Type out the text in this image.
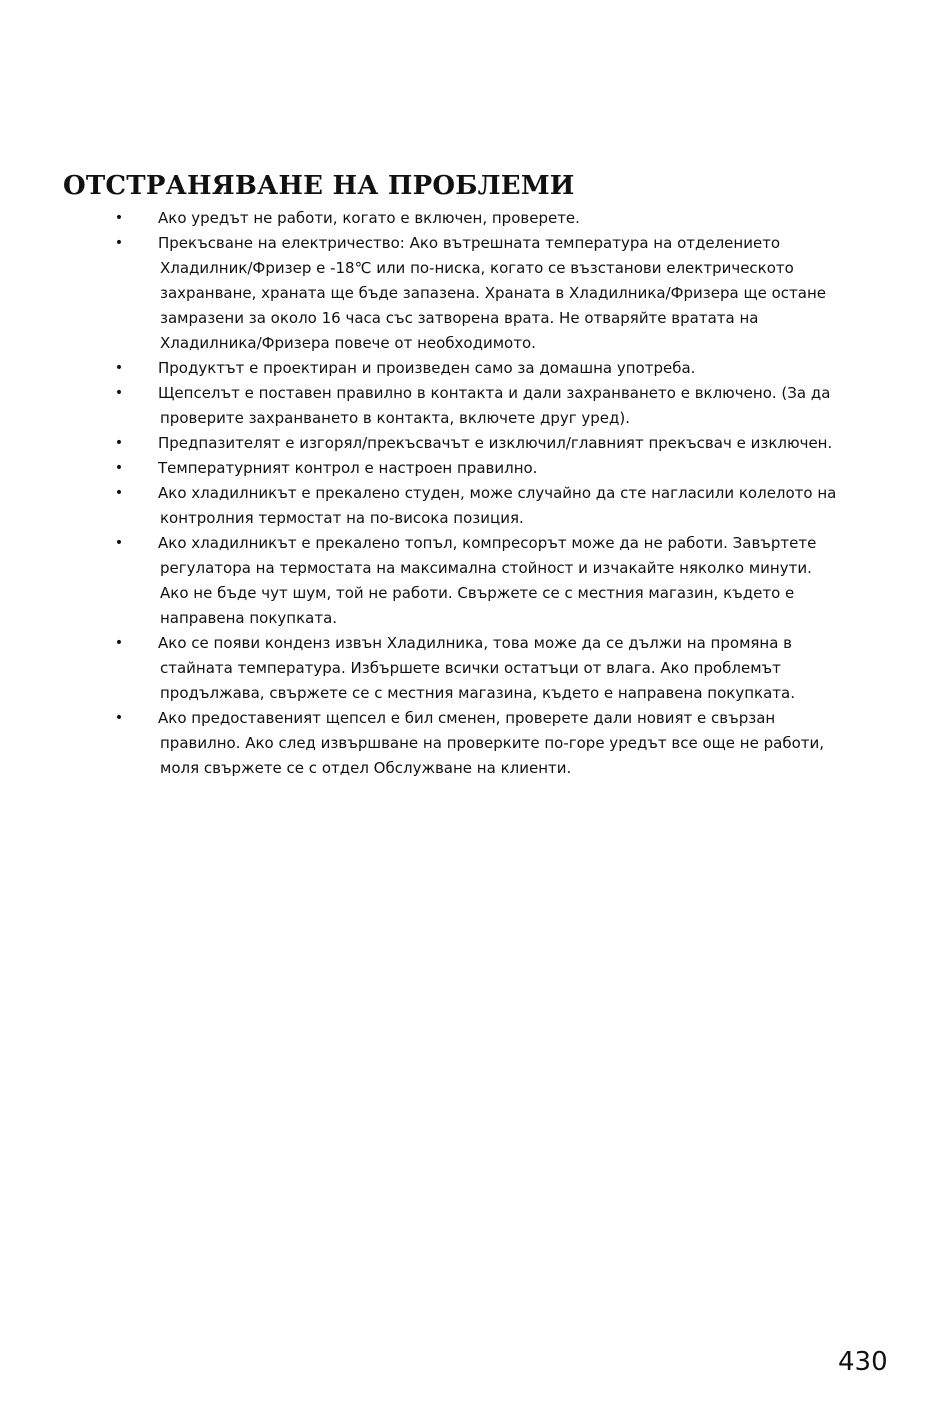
ОТСТРАНЯВАНЕ НА ПРОБЛЕМИ
•	Ако уредът не работи, когато е включен, проверете.
•	Прекъсване на електричество: Ако вътрешната температура на отделението
Хладилник/Фризер е -18℃ или по-ниска, когато се възстанови електрическото
захранване, храната ще бъде запазена. Храната в Хладилника/Фризера ще остане
замразени за около 16 часа със затворена врата. Не отваряйте вратата на
Хладилника/Фризера повече от необходимото.
•	Продуктът е проектиран и произведен само за домашна употреба.
•	Щепселът е поставен правилно в контакта и дали захранването е включено. (За да
проверите захранването в контакта, включете друг уред).
•	Предпазителят е изгорял/прекъсвачът е изключил/главният прекъсвач е изключен.
•	Температурният контрол е настроен правилно.
•	Ако хладилникът е прекалено студен, може случайно да сте нагласили колелото на
контролния термостат на по-висока позиция.
•	Ако хладилникът е прекалено топъл, компресорът може да не работи. Завъртете
регулатора на термостата на максимална стойност и изчакайте няколко минути.
Ако не бъде чут шум, той не работи. Свържете се с местния магазин, където е
направена покупката.
•	Ако се появи конденз извън Хладилника, това може да се дължи на промяна в
стайната температура. Избършете всички остатъци от влага. Ако проблемът
продължава, свържете се с местния магазина, където е направена покупката.
•	Ако предоставеният щепсел е бил сменен, проверете дали новият е свързан
правилно. Ако след извършване на проверките по-горе уредът все още не работи,
моля свържете се с отдел Обслужване на клиенти.
430
